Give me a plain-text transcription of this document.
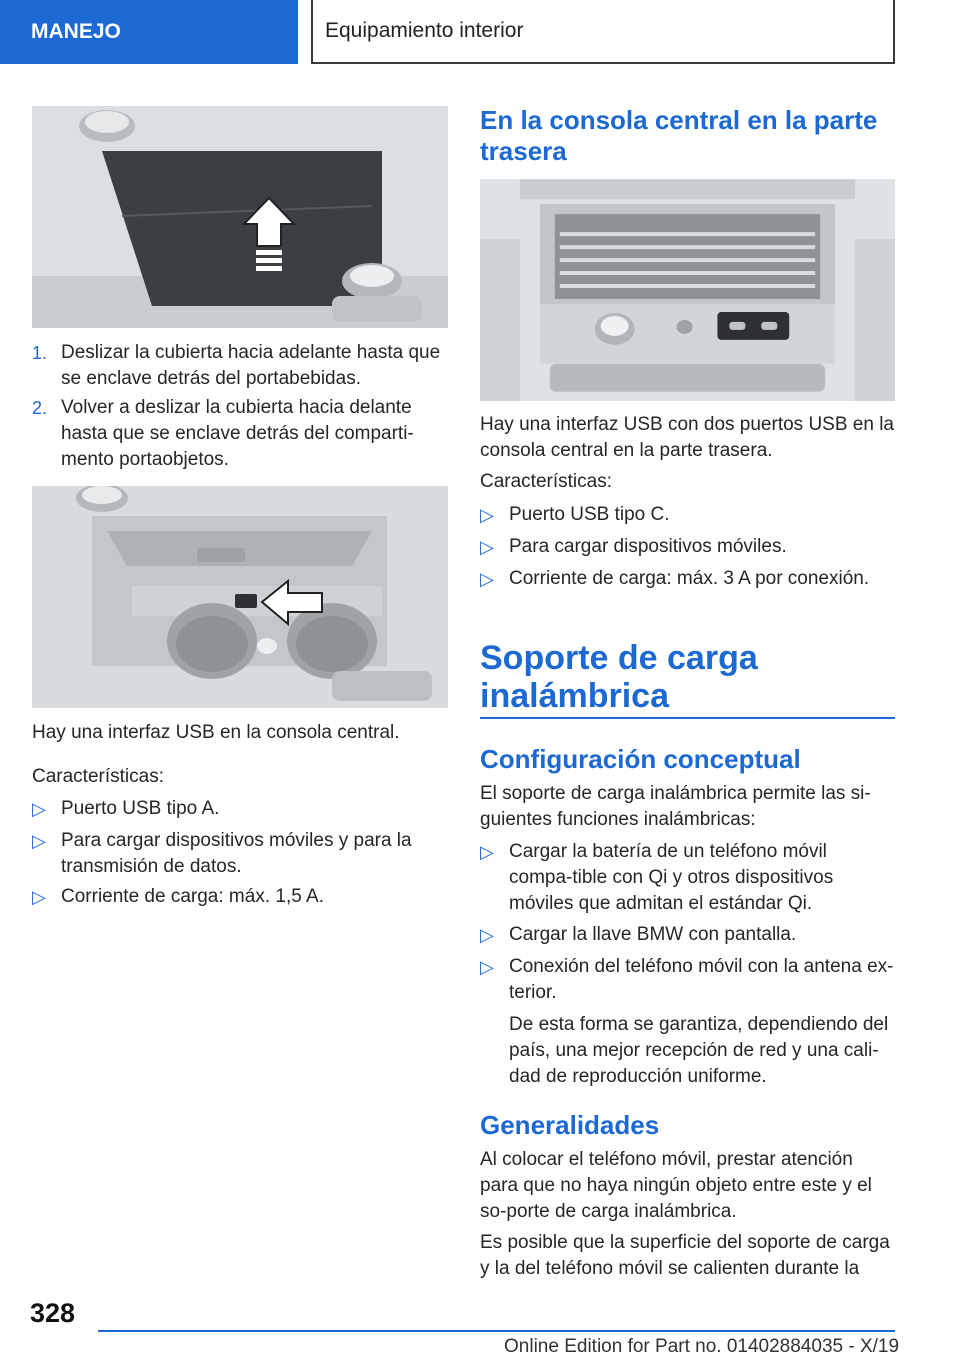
MANEJO	Equipamiento interior
1. Deslizar la cubierta hacia adelante hasta que se enclave detrás del portabebidas.
2. Volver a deslizar la cubierta hacia delante hasta que se enclave detrás del comparti‐mento portaobjetos.
Hay una interfaz USB en la consola central.
Características:
▷ Puerto USB tipo A.
▷ Para cargar dispositivos móviles y para la transmisión de datos.
▷ Corriente de carga: máx. 1,5 A.
En la consola central en la parte trasera
Hay una interfaz USB con dos puertos USB en la consola central en la parte trasera.
Características:
▷ Puerto USB tipo C.
▷ Para cargar dispositivos móviles.
▷ Corriente de carga: máx. 3 A por conexión.
Soporte de carga inalámbrica
Configuración conceptual
El soporte de carga inalámbrica permite las si‐guientes funciones inalámbricas:
▷ Cargar la batería de un teléfono móvil compa‐tible con Qi y otros dispositivos móviles que admitan el estándar Qi.
▷ Cargar la llave BMW con pantalla.
▷ Conexión del teléfono móvil con la antena ex‐terior.
De esta forma se garantiza, dependiendo del país, una mejor recepción de red y una cali‐dad de reproducción uniforme.
Generalidades
Al colocar el teléfono móvil, prestar atención para que no haya ningún objeto entre este y el so‐porte de carga inalámbrica.
Es posible que la superficie del soporte de carga y la del teléfono móvil se calienten durante la
328
Online Edition for Part no. 01402884035 - X/19
